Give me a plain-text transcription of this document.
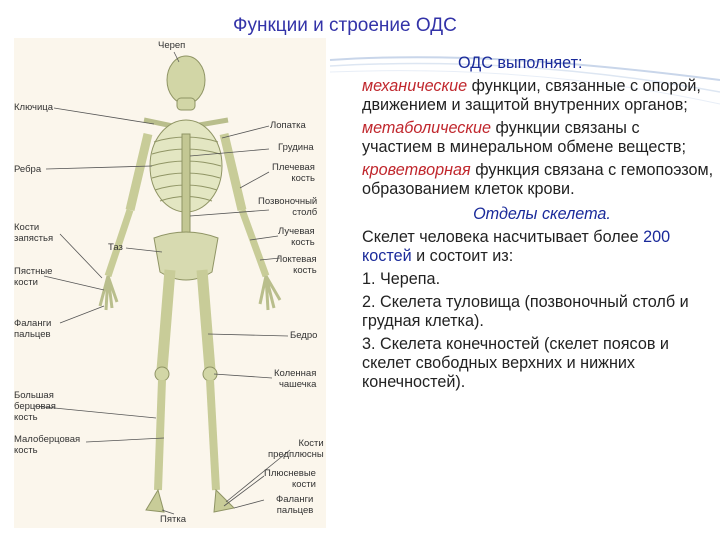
Функции и строение ОДС
Череп
Ключица
Лопатка
Ребра
Грудина
Плечевая
кость
Позвоночный
столб
Кости
запястья
Таз
Лучевая
кость
Локтевая
кость
Пястные
кости
Фаланги
пальцев	Бедро
Коленная
чашечка
Большая
берцовая
кость
Малоберцовая
кость
Кости
предплюсны
Плюсневые
кости
Фаланги
пальцев
Пятка

ОДС выполняет:

механические функции, связанные с опорой, движением и защитой внутренних органов;

метаболические функции связаны с участием в минеральном обмене веществ;

кроветворная функция связана с гемопоэзом, образованием клеток крови.

Отделы скелета.

Скелет человека насчитывает более 200 костей и состоит из:

1. Черепа.

2. Скелета туловища (позвоночный столб и грудная клетка).

3. Скелета конечностей (скелет поясов и скелет свободных верхних и нижних конечностей).
